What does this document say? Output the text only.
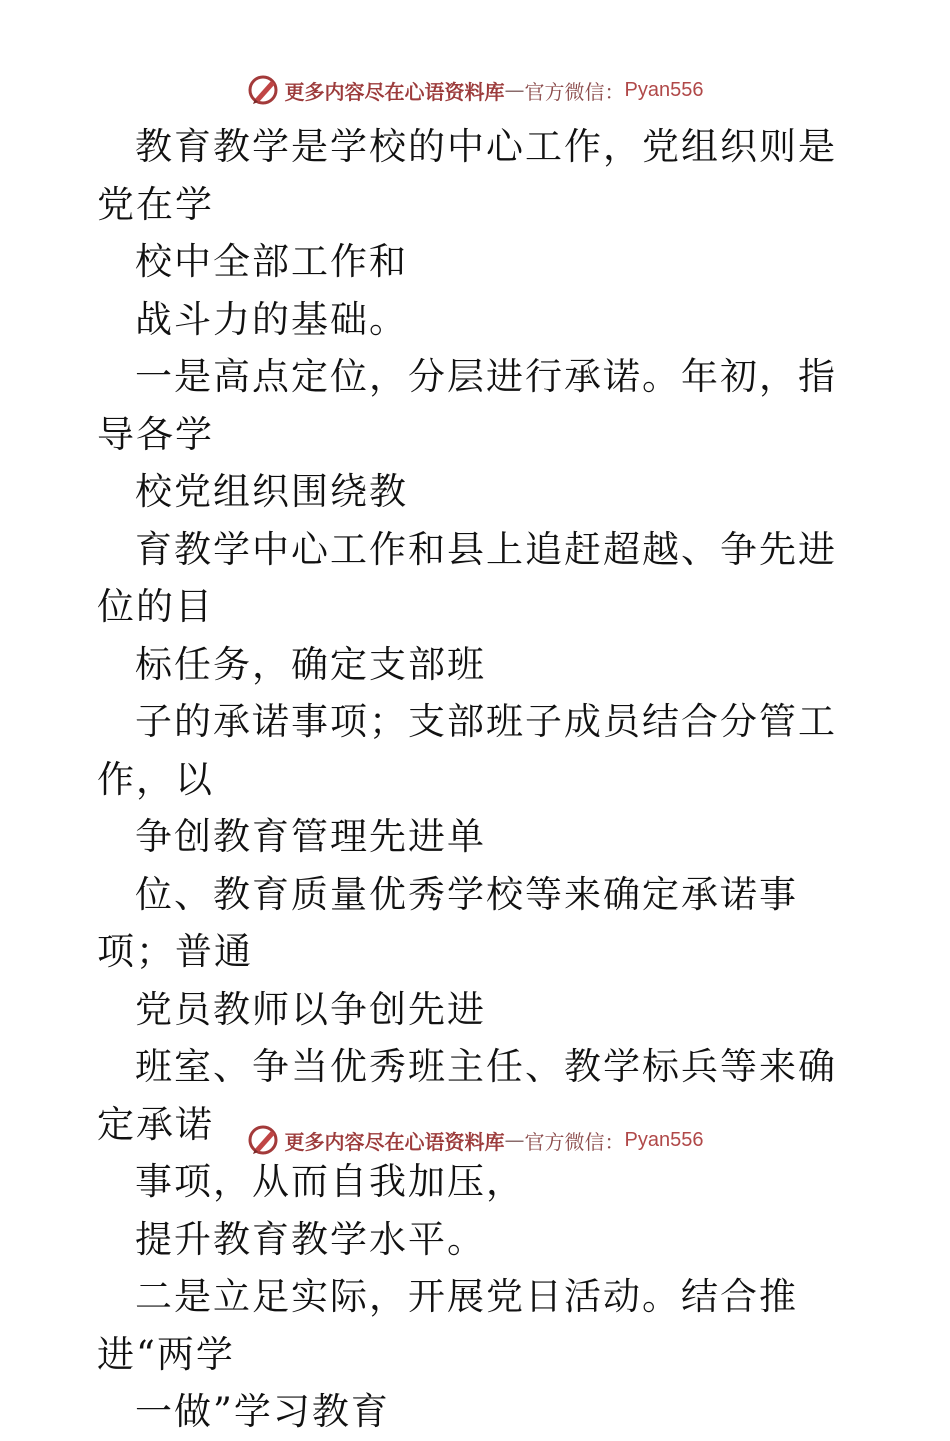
更多内容尽在心语资料库 — 官方微信： Pyan556

教育教学是学校的中心工作，党组织则是党在学
校中全部工作和

战斗力的基础。

一是高点定位，分层进行承诺。年初，指导各学
校党组织围绕教

育教学中心工作和县上追赶超越、争先进位的目
标任务，确定支部班

子的承诺事项；支部班子成员结合分管工作，以
争创教育管理先进单

位、教育质量优秀学校等来确定承诺事项；普通
党员教师以争创先进

班室、争当优秀班主任、教学标兵等来确定承诺
事项，从而自我加压，

提升教育教学水平。

二是立足实际，开展党日活动。结合推进“两学
一做”学习教育

更多内容尽在心语资料库 — 官方微信： Pyan556
